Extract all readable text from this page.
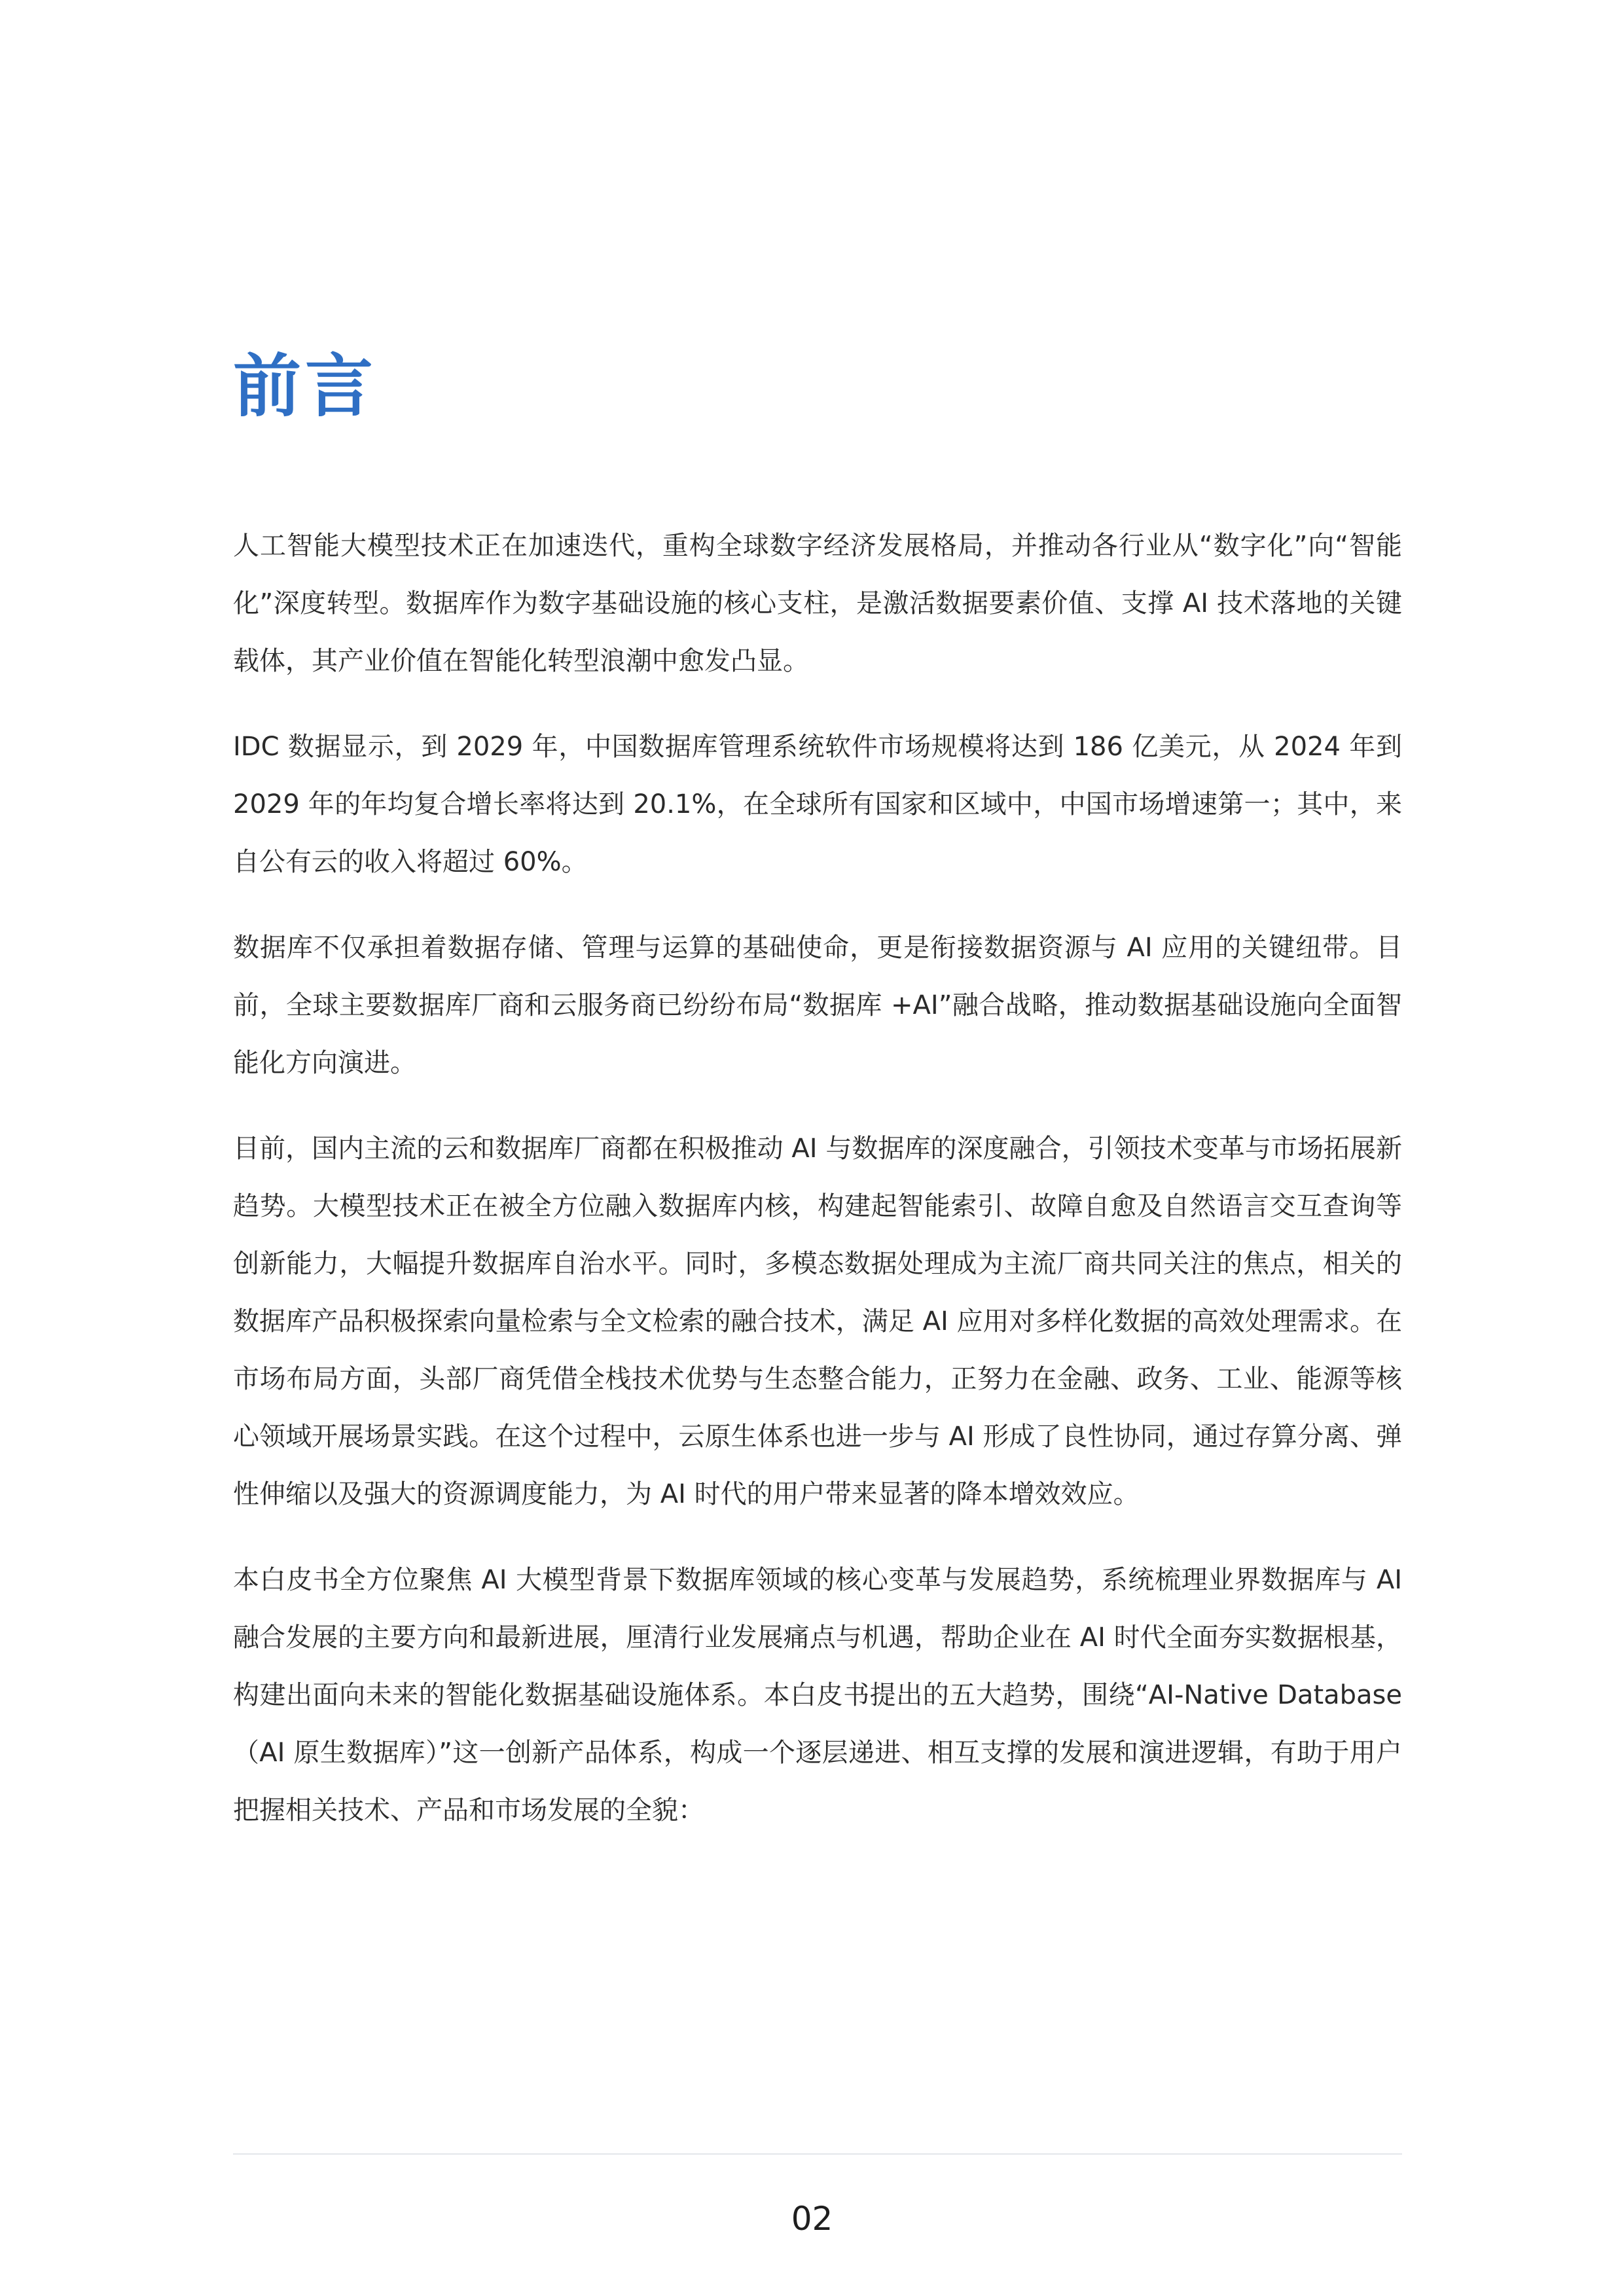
前言

人工智能大模型技术正在加速迭代，重构全球数字经济发展格局，并推动各行业从“数字化”向“智能化”深度转型。数据库作为数字基础设施的核心支柱，是激活数据要素价值、支撑 AI 技术落地的关键载体，其产业价值在智能化转型浪潮中愈发凸显。

IDC 数据显示，到 2029 年，中国数据库管理系统软件市场规模将达到 186 亿美元，从 2024 年到 2029 年的年均复合增长率将达到 20.1%，在全球所有国家和区域中，中国市场增速第一；其中，来自公有云的收入将超过 60%。

数据库不仅承担着数据存储、管理与运算的基础使命，更是衔接数据资源与 AI 应用的关键纽带。目前，全球主要数据库厂商和云服务商已纷纷布局“数据库 +AI”融合战略，推动数据基础设施向全面智能化方向演进。

目前，国内主流的云和数据库厂商都在积极推动 AI 与数据库的深度融合，引领技术变革与市场拓展新趋势。大模型技术正在被全方位融入数据库内核，构建起智能索引、故障自愈及自然语言交互查询等创新能力，大幅提升数据库自治水平。同时，多模态数据处理成为主流厂商共同关注的焦点，相关的数据库产品积极探索向量检索与全文检索的融合技术，满足 AI 应用对多样化数据的高效处理需求。在市场布局方面，头部厂商凭借全栈技术优势与生态整合能力，正努力在金融、政务、工业、能源等核心领域开展场景实践。在这个过程中，云原生体系也进一步与 AI 形成了良性协同，通过存算分离、弹性伸缩以及强大的资源调度能力，为 AI 时代的用户带来显著的降本增效效应。

本白皮书全方位聚焦 AI 大模型背景下数据库领域的核心变革与发展趋势，系统梳理业界数据库与 AI 融合发展的主要方向和最新进展，厘清行业发展痛点与机遇，帮助企业在 AI 时代全面夯实数据根基，构建出面向未来的智能化数据基础设施体系。本白皮书提出的五大趋势，围绕“AI-Native Database（AI 原生数据库）”这一创新产品体系，构成一个逐层递进、相互支撑的发展和演进逻辑，有助于用户把握相关技术、产品和市场发展的全貌：

02
